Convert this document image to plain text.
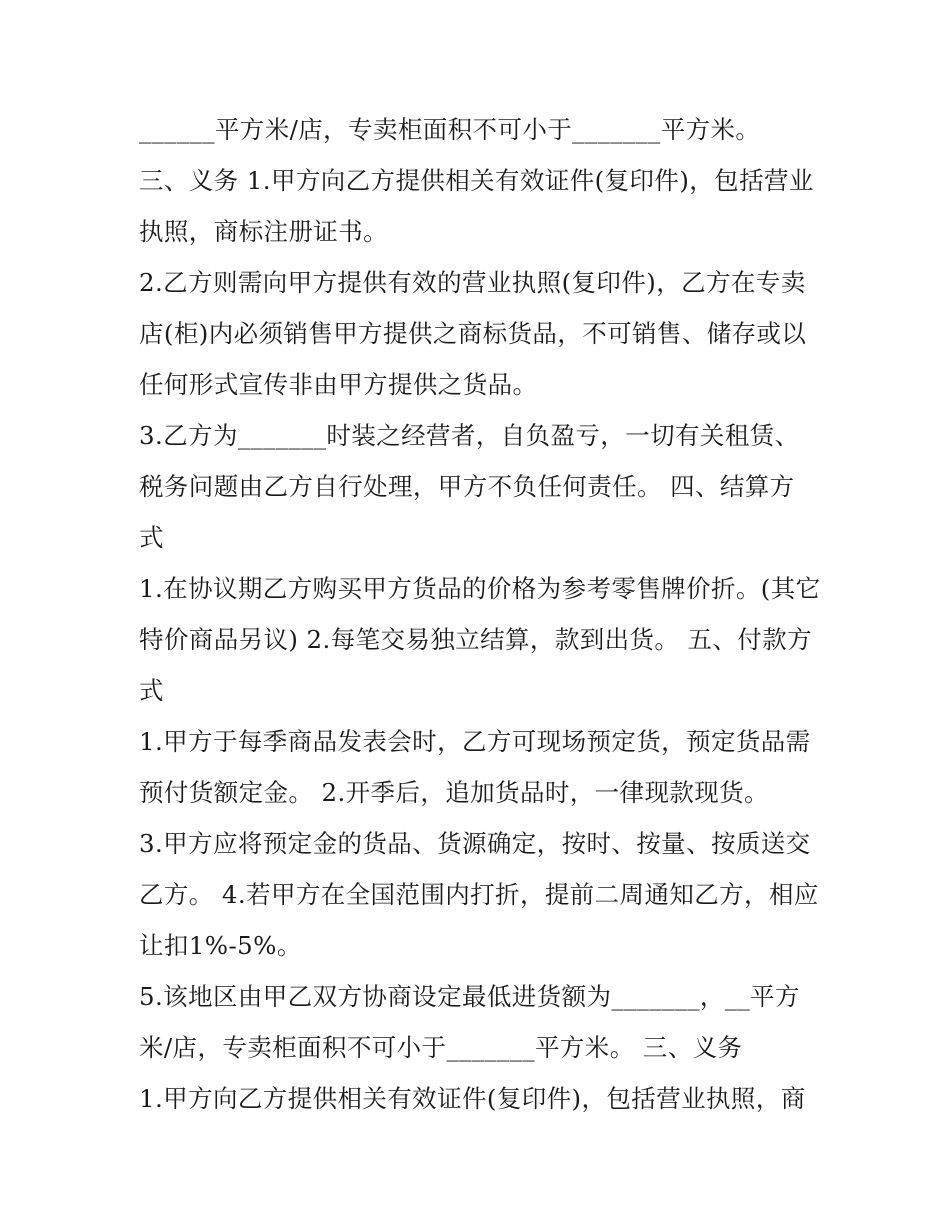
______平方米/店，专卖柜面积不可小于_______平方米。
三、义务 1.甲方向乙方提供相关有效证件(复印件)，包括营业
执照，商标注册证书。
2.乙方则需向甲方提供有效的营业执照(复印件)，乙方在专卖
店(柜)内必须销售甲方提供之商标货品，不可销售、储存或以
任何形式宣传非由甲方提供之货品。
3.乙方为_______时装之经营者，自负盈亏，一切有关租赁、
税务问题由乙方自行处理，甲方不负任何责任。 四、结算方
式
1.在协议期乙方购买甲方货品的价格为参考零售牌价折。(其它
特价商品另议) 2.每笔交易独立结算，款到出货。 五、付款方
式
1.甲方于每季商品发表会时，乙方可现场预定货，预定货品需
预付货额定金。 2.开季后，追加货品时，一律现款现货。
3.甲方应将预定金的货品、货源确定，按时、按量、按质送交
乙方。 4.若甲方在全国范围内打折，提前二周通知乙方，相应
让扣1%-5%。
5.该地区由甲乙双方协商设定最低进货额为_______，__平方
米/店，专卖柜面积不可小于_______平方米。 三、义务
1.甲方向乙方提供相关有效证件(复印件)，包括营业执照，商
